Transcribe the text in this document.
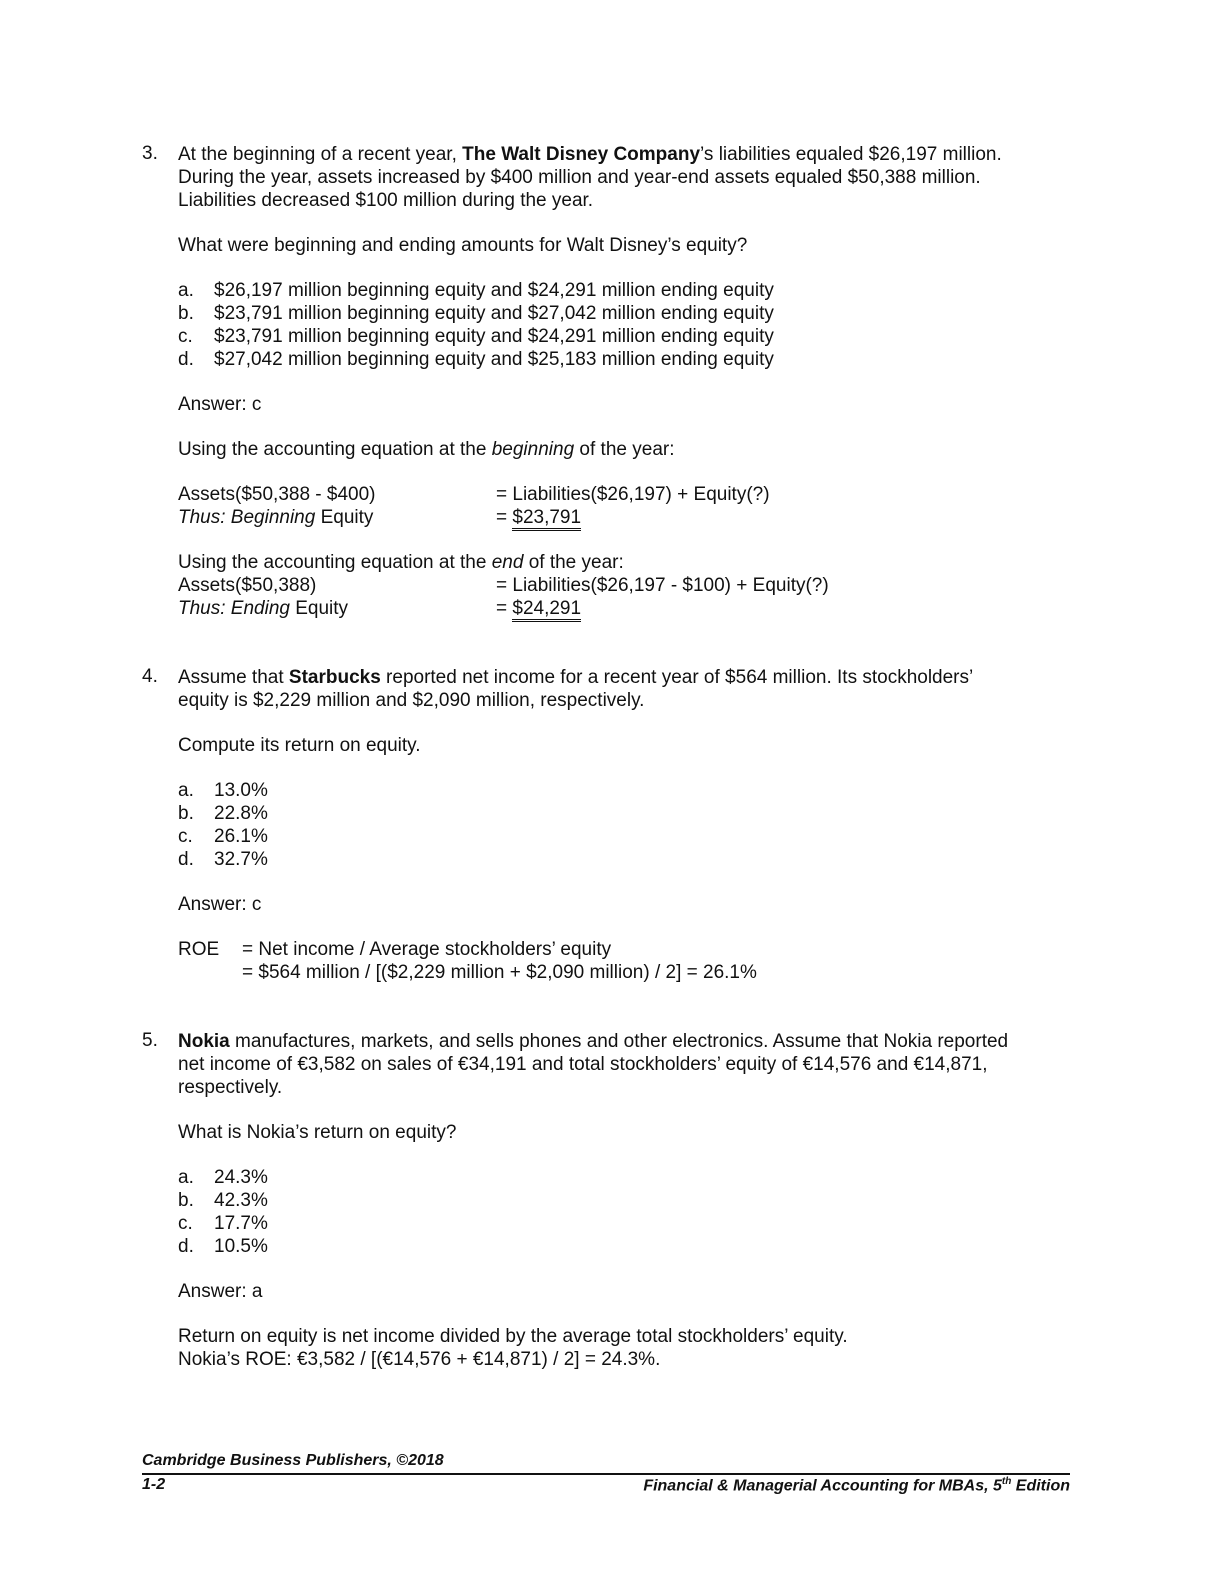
3. At the beginning of a recent year, The Walt Disney Company’s liabilities equaled $26,197 million.
During the year, assets increased by $400 million and year-end assets equaled $50,388 million.
Liabilities decreased $100 million during the year.
What were beginning and ending amounts for Walt Disney’s equity?
a.	$26,197 million beginning equity and $24,291 million ending equity
b.	$23,791 million beginning equity and $27,042 million ending equity
c.	$23,791 million beginning equity and $24,291 million ending equity
d.	$27,042 million beginning equity and $25,183 million ending equity
Answer: c
Using the accounting equation at the beginning of the year:
Assets($50,388 - $400)	= Liabilities($26,197) + Equity(?)
Thus: Beginning Equity	= $23,791
Using the accounting equation at the end of the year:
Assets($50,388)	= Liabilities($26,197 - $100) + Equity(?)
Thus: Ending Equity	= $24,291
4. Assume that Starbucks reported net income for a recent year of $564 million. Its stockholders’
equity is $2,229 million and $2,090 million, respectively.
Compute its return on equity.
a.	13.0%
b.	22.8%
c.	26.1%
d.	32.7%
Answer: c
ROE	= Net income / Average stockholders’ equity
= $564 million / [($2,229 million + $2,090 million) / 2] = 26.1%
5. Nokia manufactures, markets, and sells phones and other electronics. Assume that Nokia reported
net income of €3,582 on sales of €34,191 and total stockholders’ equity of €14,576 and €14,871,
respectively.
What is Nokia’s return on equity?
a.	24.3%
b.	42.3%
c.	17.7%
d.	10.5%
Answer: a
Return on equity is net income divided by the average total stockholders’ equity.
Nokia’s ROE: €3,582 / [(€14,576 + €14,871) / 2] = 24.3%.
Cambridge Business Publishers, ©2018
1-2	Financial & Managerial Accounting for MBAs, 5th Edition
